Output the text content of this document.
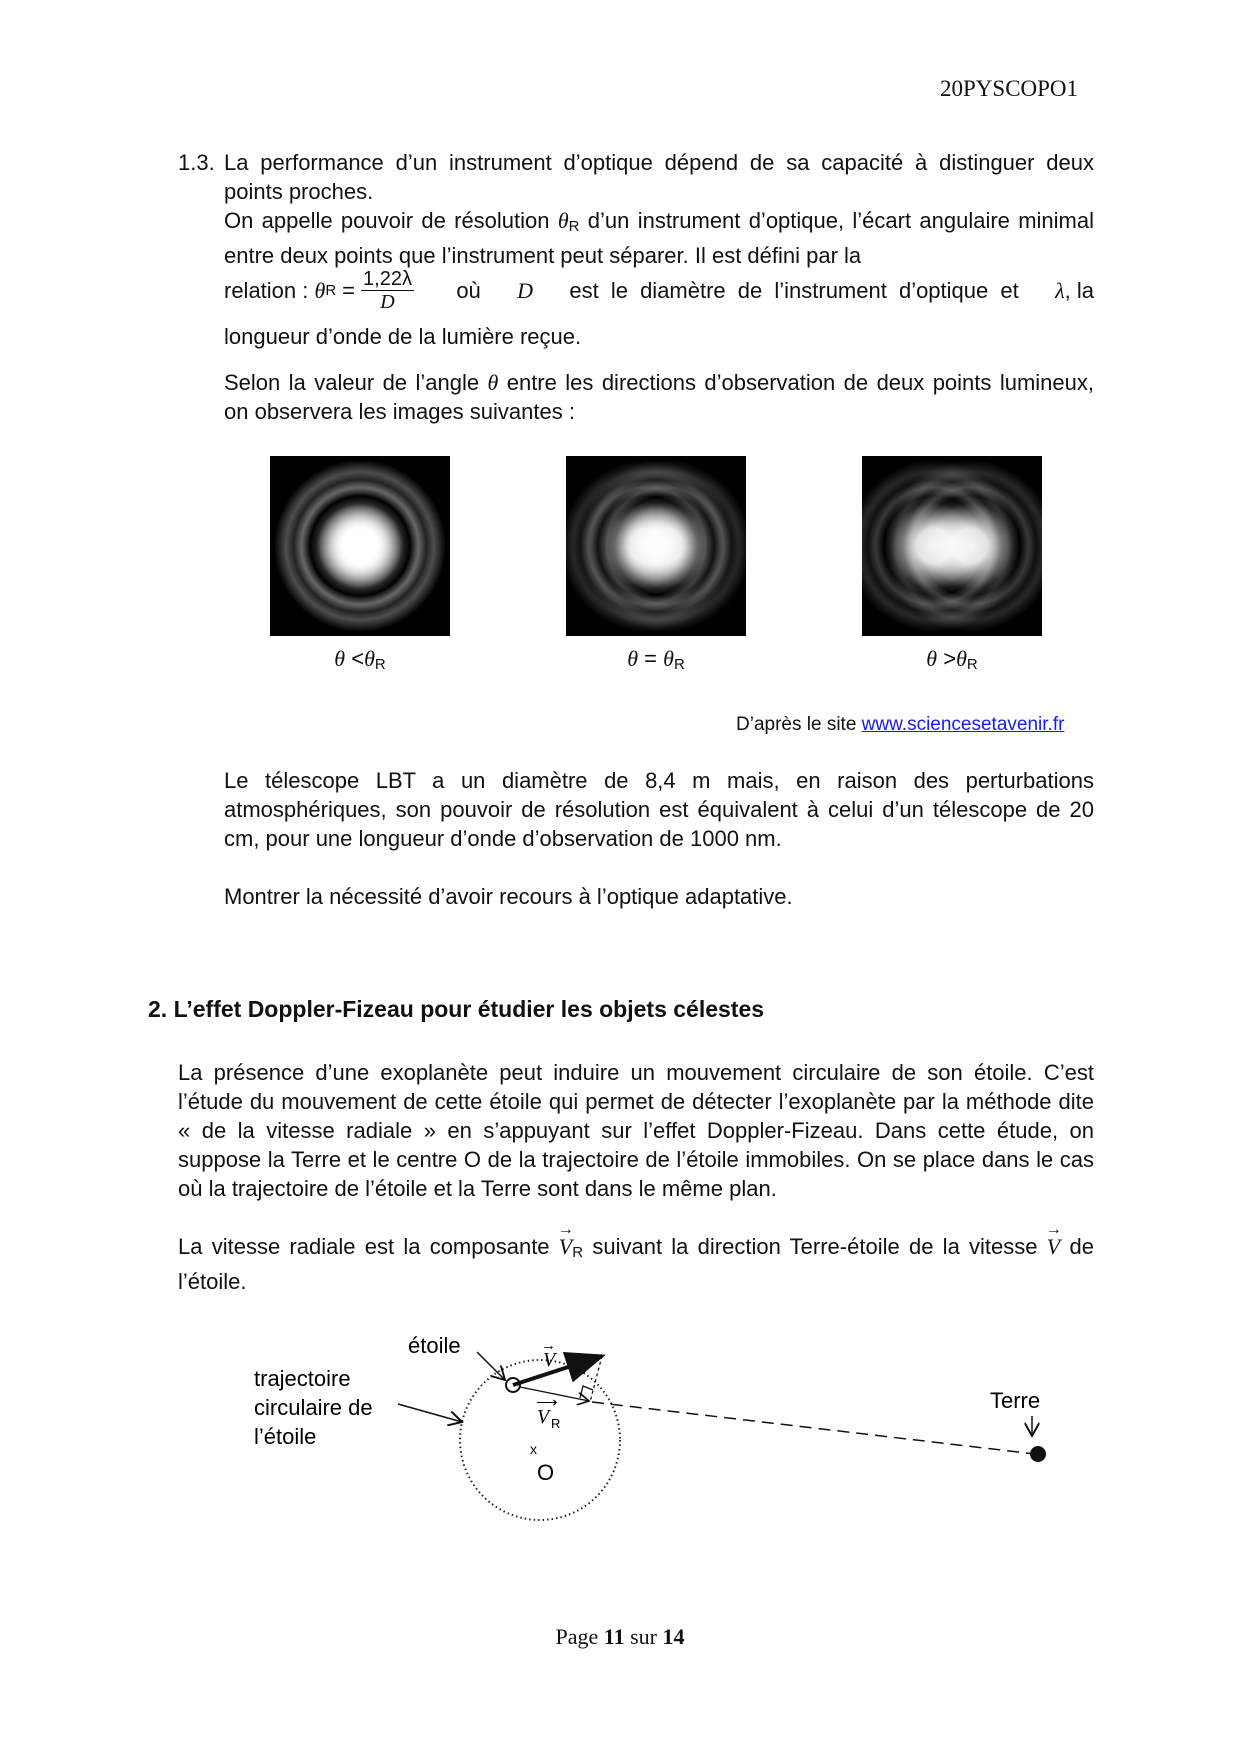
20PYSCOPO1
1.3. La performance d’un instrument d’optique dépend de sa capacité à distinguer deux points proches.
On appelle pouvoir de résolution $\theta_R$ d’un instrument d’optique, l’écart angulaire minimal entre deux points que l’instrument peut séparer. Il est défini par la
relation :
θ $R = \frac{1,22\lambda}{D}$ où D est le diamètre de l’instrument d’optique et λ, la
longueur d’onde de la lumière reçue.
Selon la valeur de l’angle θ entre les directions d’observation de deux points lumineux, on observera les images suivantes :
$\theta <\theta_R$	$\theta = \theta_R$	$\theta >\theta_R$
D’après le site www.sciencesetavenir.fr
Le télescope LBT a un diamètre de 8,4 m mais, en raison des perturbations atmosphériques, son pouvoir de résolution est équivalent à celui d’un télescope de 20 cm, pour une longueur d’onde d’observation de 1000 nm.
Montrer la nécessité d’avoir recours à l’optique adaptative.
2. L’effet Doppler-Fizeau pour étudier les objets célestes
La présence d’une exoplanète peut induire un mouvement circulaire de son étoile. C’est l’étude du mouvement de cette étoile qui permet de détecter l’exoplanète par la méthode dite « de la vitesse radiale » en s’appuyant sur l’effet Doppler-Fizeau. Dans cette étude, on suppose la Terre et le centre O de la trajectoire de l’étoile immobiles. On se place dans le cas où la trajectoire de l’étoile et la Terre sont dans le même plan.
La vitesse radiale est la composante → $V_R$ suivant la direction Terre-étoile de la vitesse → V de l’étoile.
x
O
Terre
étoile
trajectoire
circulaire de
l’étoile
V
→
V R
⟶
Page 11 sur 14
